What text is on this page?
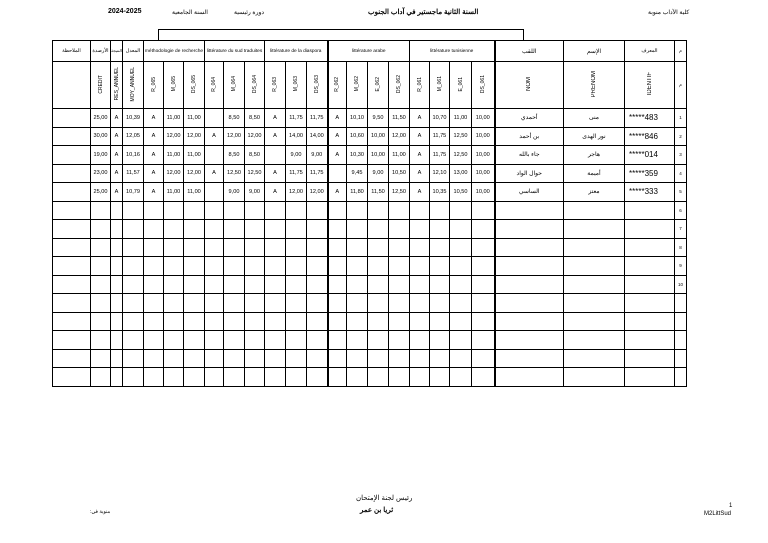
كلية الآداب منوبة
السنة الثانية ماجستير في آداب الجنوب
دورة رئيسية
السنة الجامعية
2024-2025
الملاحظة	الأرصدة	النتيجة	المعدل	méthodologie de recherche			littérature du sud traduites			littérature de la diaspora			littérature arabe				littérature tunisienne				اللقب	الإسم	المعرف	م
	CREDIT	RES_ANNUEL	MOY_ANNUEL	R_065	M_065	DS_065	R_064	M_064	DS_064	R_063	M_063	DS_063	R_062	M_062	E_062	DS_062	R_061	M_061	E_061	DS_061	NOM	PRENOM	IDENTIF	م
	25,00	A	10,39	A	11,00	11,00		8,50	8,50	A	11,75	11,75	A	10,10	9,50	11,50	A	10,70	11,00	10,00	أحمدي	منى	*****483	1
	30,00	A	12,05	A	12,00	12,00	A	12,00	12,00	A	14,00	14,00	A	10,60	10,00	12,00	A	11,75	12,50	10,00	بن أحمد	نور الهدى	*****846	2
	19,00	A	10,16	A	11,00	11,00		8,50	8,50		9,00	9,00	A	10,30	10,00	11,00	A	11,75	12,50	10,00	جاء بالله	هاجر	*****014	3
	23,00	A	11,57	A	12,00	12,00	A	12,50	12,50	A	11,75	11,75		9,45	9,00	10,50	A	12,10	13,00	10,00	حوال الواد	أميمة	*****359	4
	25,00	A	10,79	A	11,00	11,00		9,00	9,00	A	12,00	12,00	A	11,80	11,50	12,50	A	10,35	10,50	10,00	الساسي	معتز	*****333	5
																								6
																								7
																								8
																								9
																								10

رئيس لجنة الإمتحان
ثريا بن عمر
منوبة في:
1
M2LittSud
